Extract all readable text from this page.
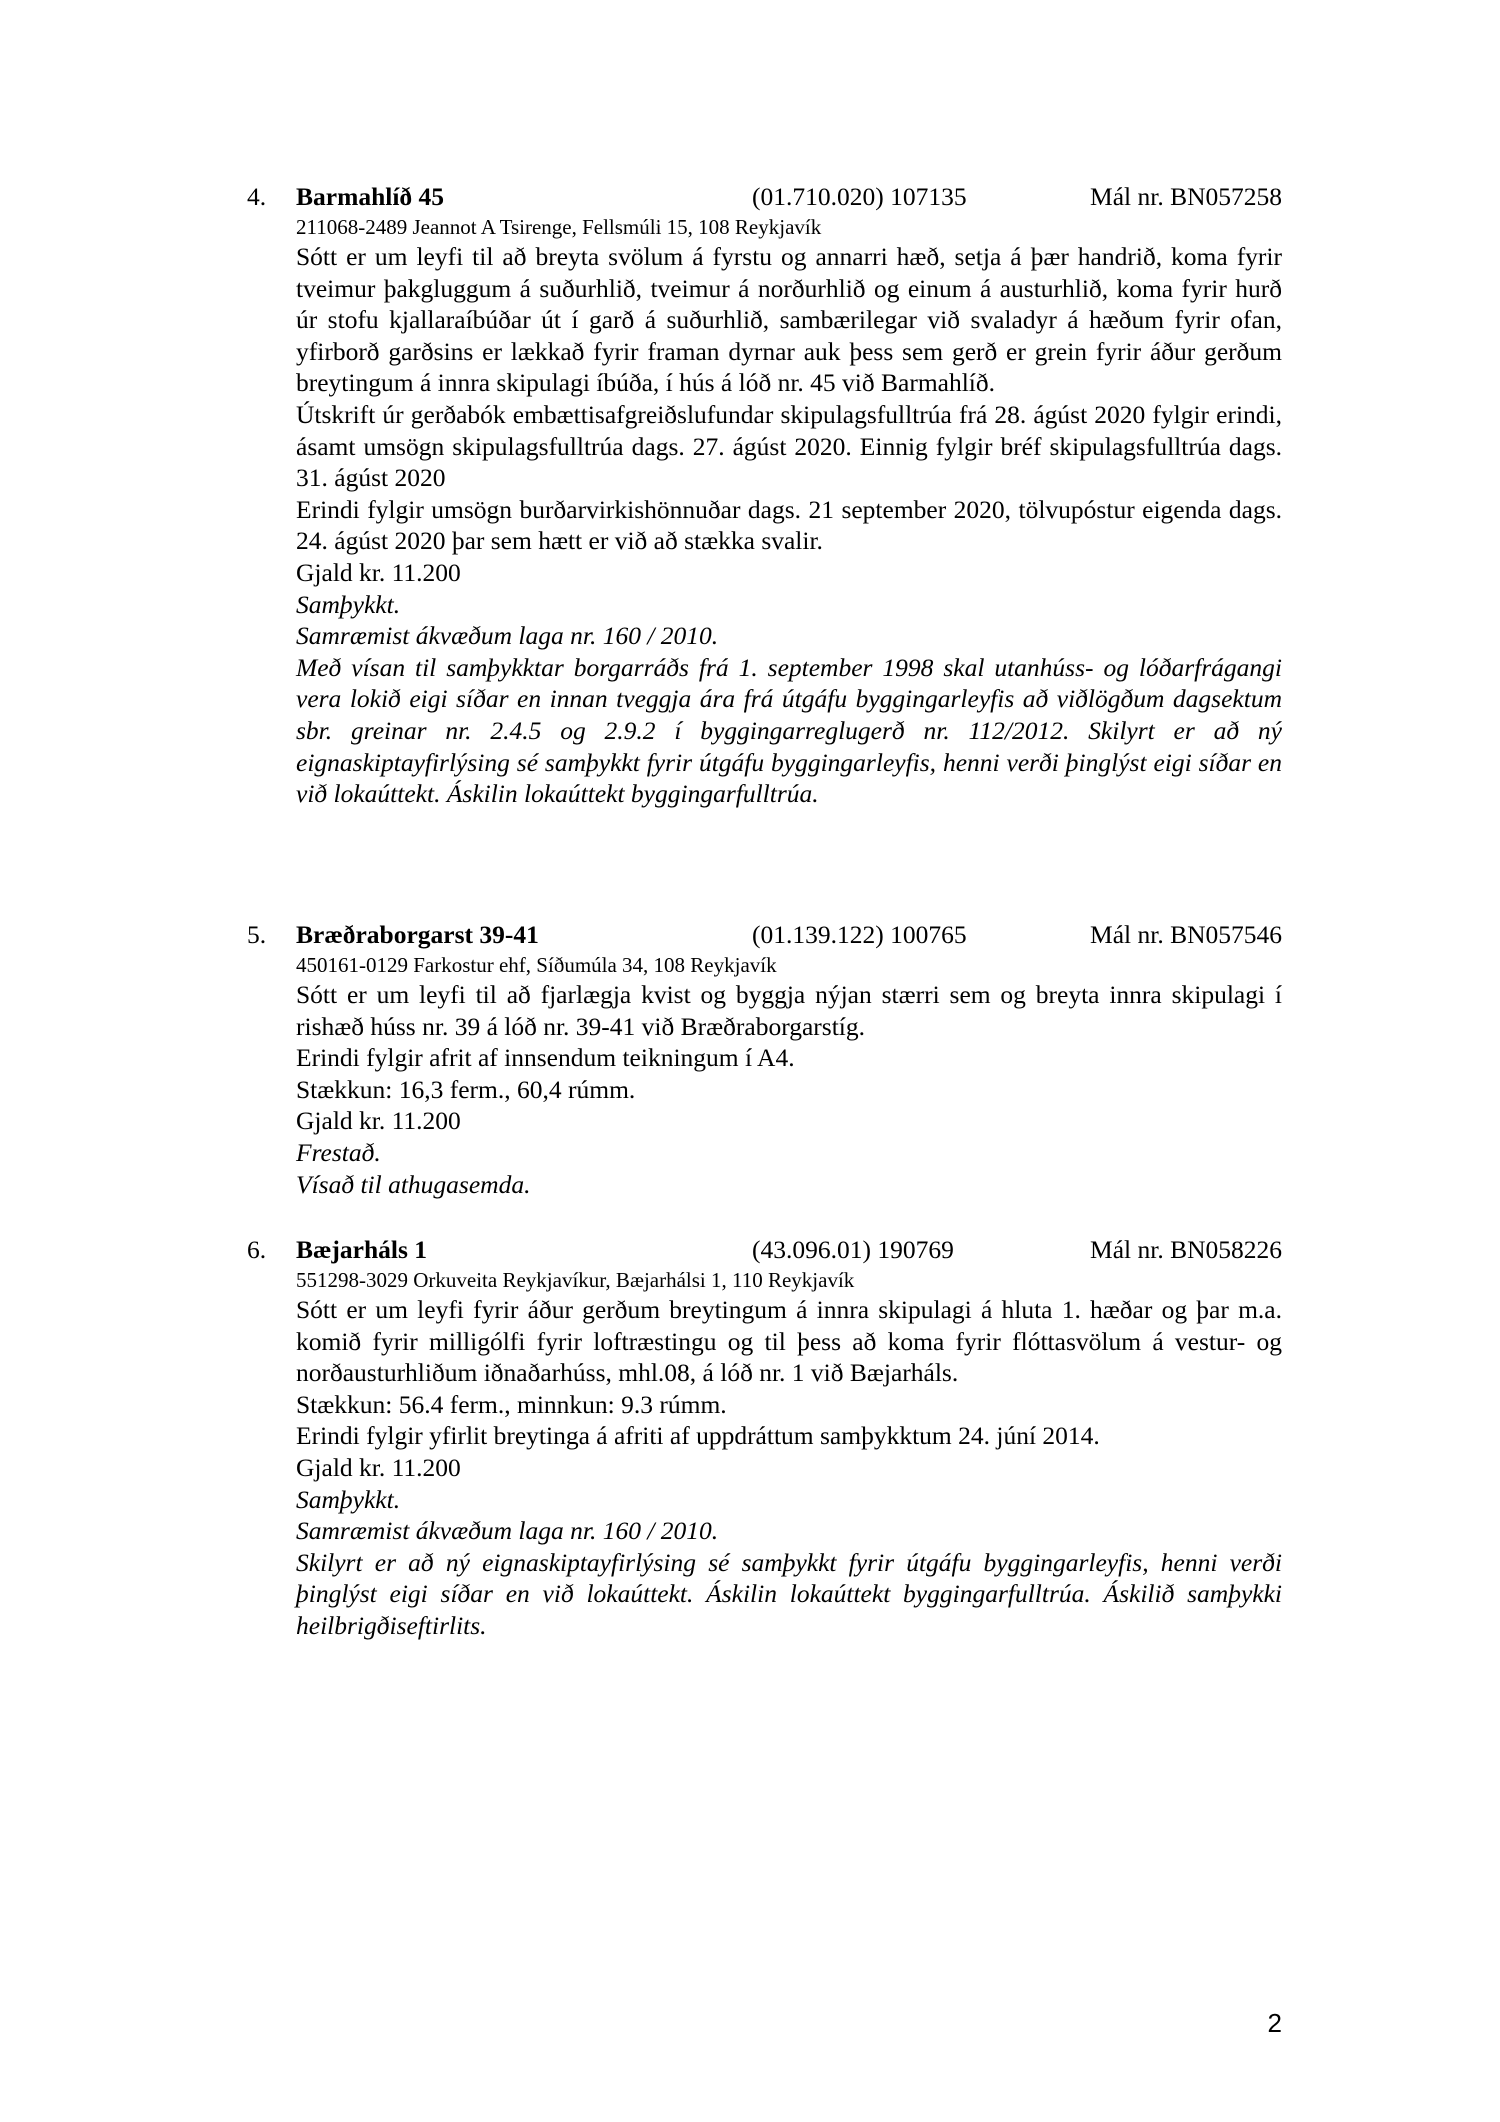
4. Barmahlíð 45	(01.710.020) 107135	Mál nr. BN057258
211068-2489 Jeannot A Tsirenge, Fellsmúli 15, 108 Reykjavík

Sótt er um leyfi til að breyta svölum á fyrstu og annarri hæð, setja á þær handrið, koma fyrir tveimur þakgluggum á suðurhlið, tveimur á norðurhlið og einum á austurhlið, koma fyrir hurð úr stofu kjallaraíbúðar út í garð á suðurhlið, sambærilegar við svaladyr á hæðum fyrir ofan, yfirborð garðsins er lækkað fyrir framan dyrnar auk þess sem gerð er grein fyrir áður gerðum breytingum á innra skipulagi íbúða, í hús á lóð nr. 45 við Barmahlíð.

Útskrift úr gerðabók embættisafgreiðslufundar skipulagsfulltrúa frá 28. ágúst 2020 fylgir erindi, ásamt umsögn skipulagsfulltrúa dags. 27. ágúst 2020. Einnig fylgir bréf skipulagsfulltrúa dags. 31. ágúst 2020

Erindi fylgir umsögn burðarvirkishönnuðar dags. 21 september 2020, tölvupóstur eigenda dags. 24. ágúst 2020 þar sem hætt er við að stækka svalir.

Gjald kr. 11.200

Samþykkt.

Samræmist ákvæðum laga nr. 160 / 2010.

Með vísan til samþykktar borgarráðs frá 1. september 1998 skal utanhúss- og lóðarfrágangi vera lokið eigi síðar en innan tveggja ára frá útgáfu byggingarleyfis að viðlögðum dagsektum sbr. greinar nr. 2.4.5 og 2.9.2 í byggingarreglugerð nr. 112/2012. Skilyrt er að ný eignaskiptayfirlýsing sé samþykkt fyrir útgáfu byggingarleyfis, henni verði þinglýst eigi síðar en við lokaúttekt. Áskilin lokaúttekt byggingarfulltrúa.

5. Bræðraborgarst 39-41	(01.139.122) 100765	Mál nr. BN057546
450161-0129 Farkostur ehf, Síðumúla 34, 108 Reykjavík

Sótt er um leyfi til að fjarlægja kvist og byggja nýjan stærri sem og breyta innra skipulagi í rishæð húss nr. 39 á lóð nr. 39-41 við Bræðraborgarstíg.

Erindi fylgir afrit af innsendum teikningum í A4.

Stækkun: 16,3 ferm., 60,4 rúmm.

Gjald kr. 11.200

Frestað.

Vísað til athugasemda.

6. Bæjarháls 1	(43.096.01) 190769	Mál nr. BN058226
551298-3029 Orkuveita Reykjavíkur, Bæjarhálsi 1, 110 Reykjavík

Sótt er um leyfi fyrir áður gerðum breytingum á innra skipulagi á hluta 1. hæðar og þar m.a. komið fyrir milligólfi fyrir loftræstingu og til þess að koma fyrir flóttasvölum á vestur- og norðausturhliðum iðnaðarhúss, mhl.08, á lóð nr. 1 við Bæjarháls.

Stækkun: 56.4 ferm., minnkun: 9.3 rúmm.

Erindi fylgir yfirlit breytinga á afriti af uppdráttum samþykktum 24. júní 2014.

Gjald kr. 11.200

Samþykkt.

Samræmist ákvæðum laga nr. 160 / 2010.

Skilyrt er að ný eignaskiptayfirlýsing sé samþykkt fyrir útgáfu byggingarleyfis, henni verði þinglýst eigi síðar en við lokaúttekt. Áskilin lokaúttekt byggingarfulltrúa. Áskilið samþykki heilbrigðiseftirlits.

2
